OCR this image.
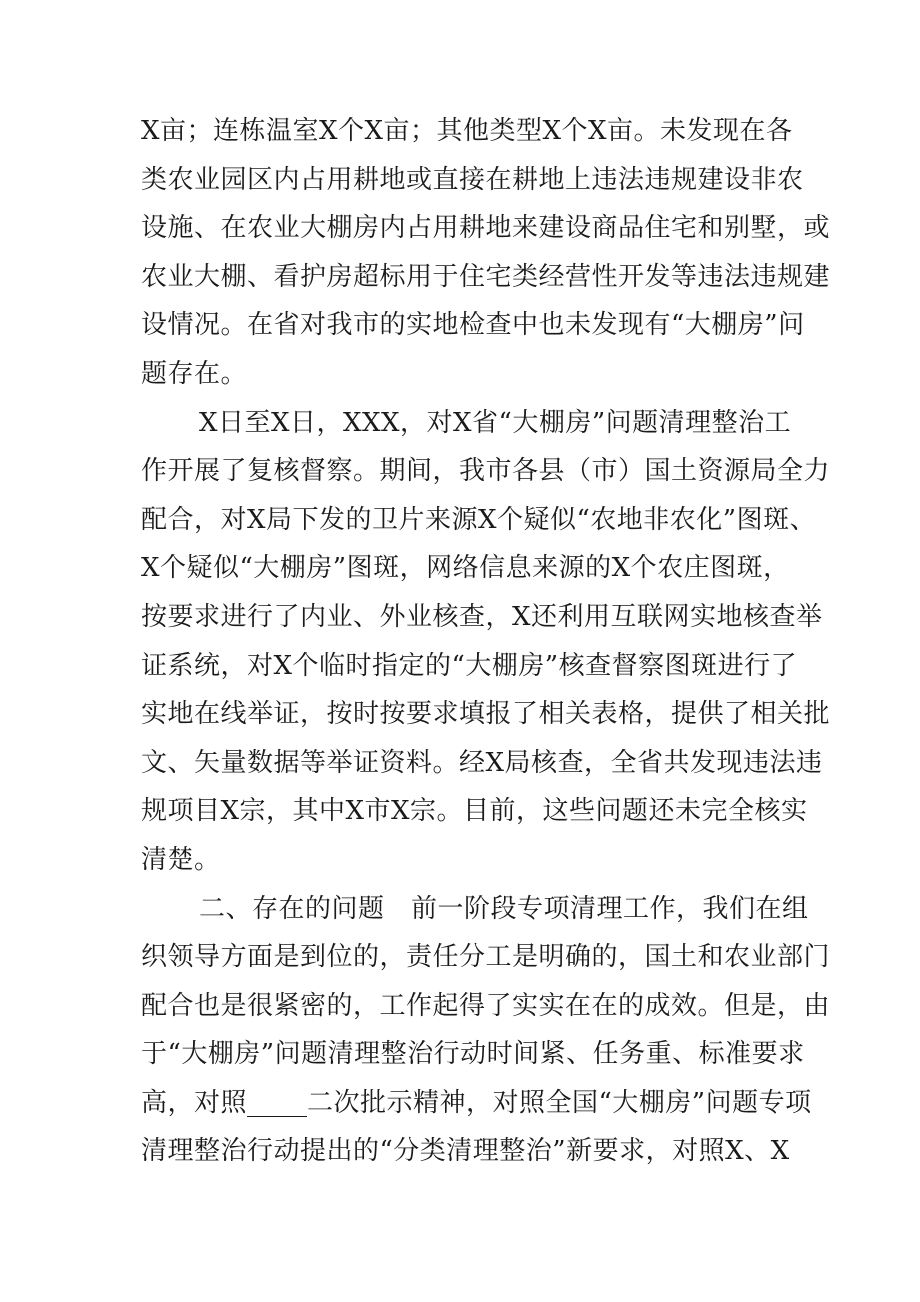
X亩；连栋温室X个X亩；其他类型X个X亩。未发现在各
类农业园区内占用耕地或直接在耕地上违法违规建设非农
设施、在农业大棚房内占用耕地来建设商品住宅和别墅，或
农业大棚、看护房超标用于住宅类经营性开发等违法违规建
设情况。在省对我市的实地检查中也未发现有“大棚房”问
题存在。
X日至X日，XXX，对X省“大棚房”问题清理整治工
作开展了复核督察。期间，我市各县（市）国土资源局全力
配合，对X局下发的卫片来源X个疑似“农地非农化”图斑、
X个疑似“大棚房”图斑，网络信息来源的X个农庄图斑，
按要求进行了内业、外业核查，X还利用互联网实地核查举
证系统，对X个临时指定的“大棚房”核查督察图斑进行了
实地在线举证，按时按要求填报了相关表格，提供了相关批
文、矢量数据等举证资料。经X局核查，全省共发现违法违
规项目X宗，其中X市X宗。目前，这些问题还未完全核实
清楚。
二、存在的问题　前一阶段专项清理工作，我们在组
织领导方面是到位的，责任分工是明确的，国土和农业部门
配合也是很紧密的，工作起得了实实在在的成效。但是，由
于“大棚房”问题清理整治行动时间紧、任务重、标准要求
高，对照 二次批示精神，对照全国“大棚房”问题专项
清理整治行动提出的“分类清理整治”新要求，对照X、X
